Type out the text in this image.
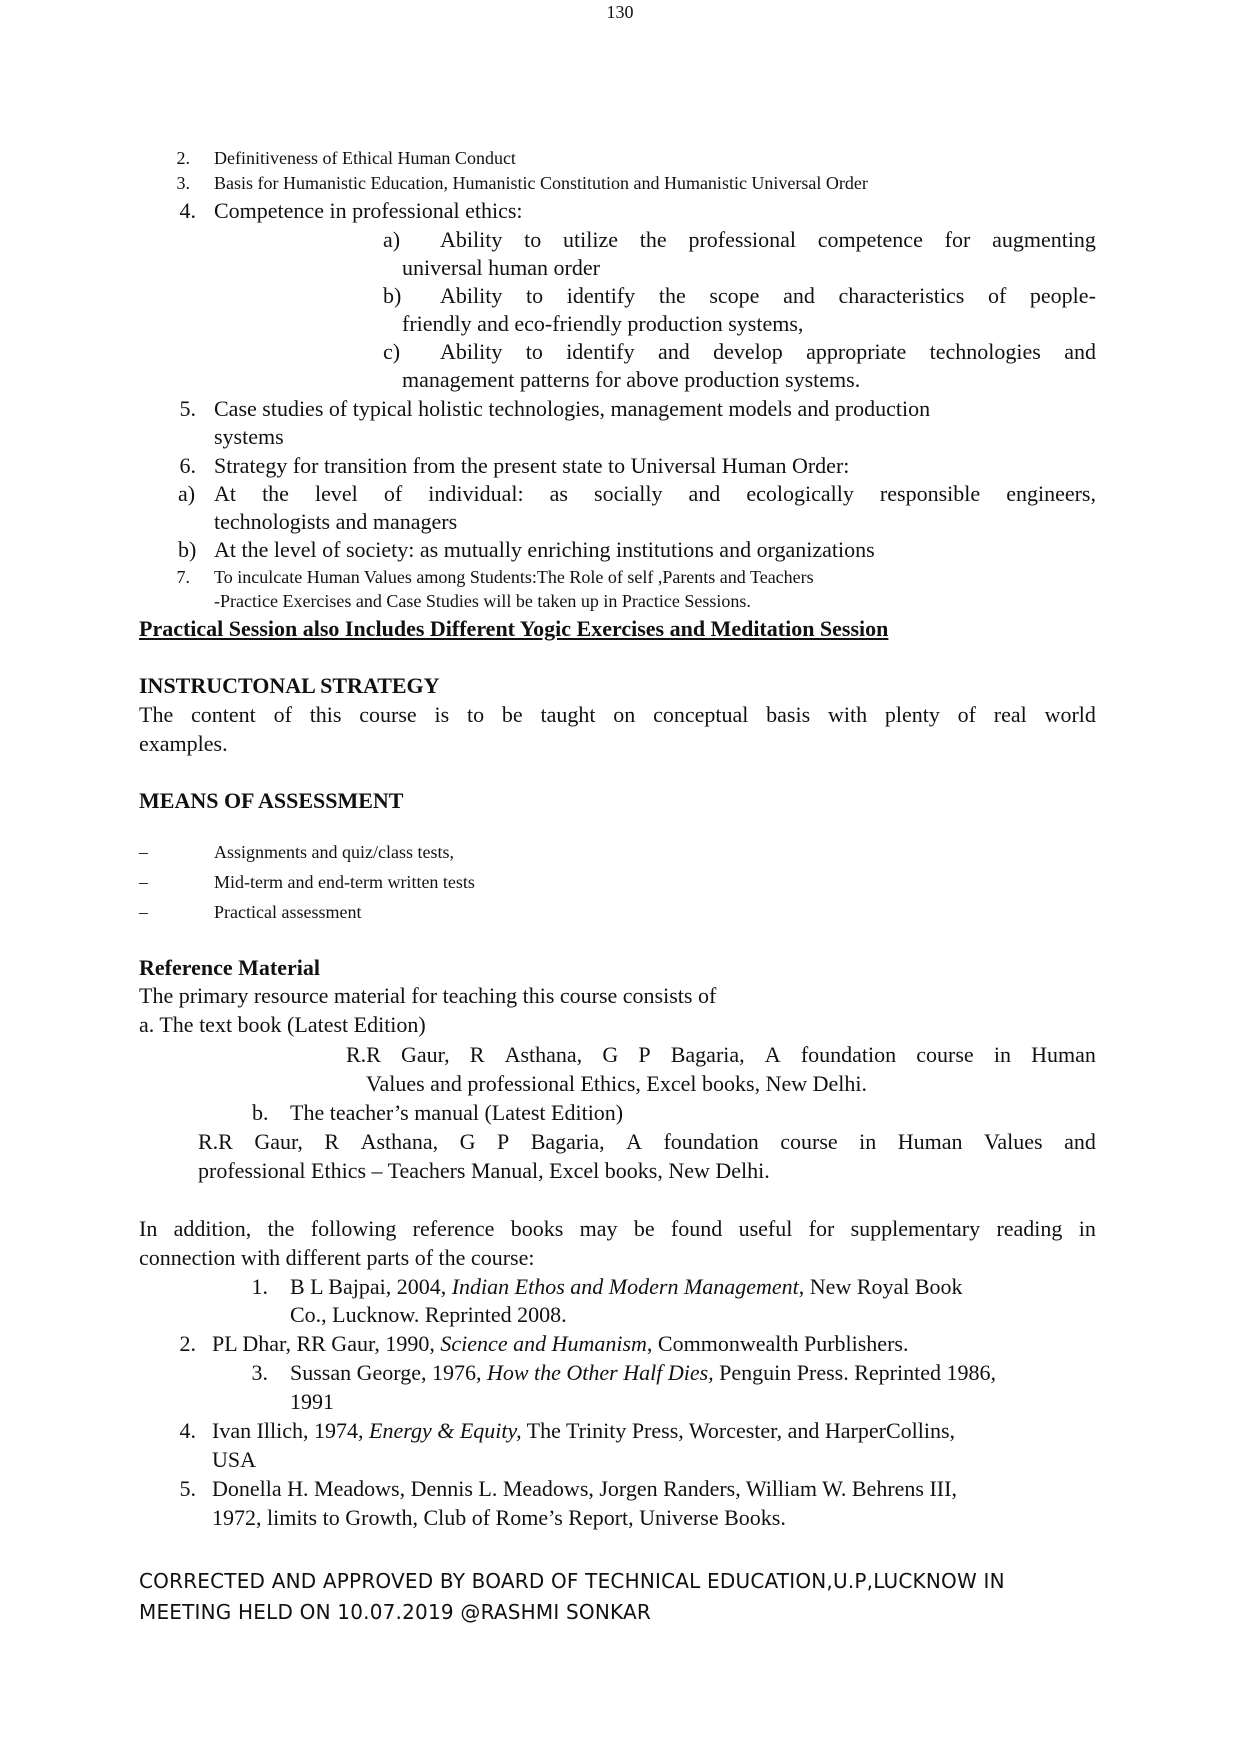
130
2. Definitiveness of Ethical Human Conduct
3. Basis for Humanistic Education, Humanistic Constitution and Humanistic Universal Order
4. Competence in professional ethics:
a) Ability to utilize the professional competence for augmenting
universal human order
b) Ability to identify the scope and characteristics of people-
friendly and eco-friendly production systems,
c) Ability to identify and develop appropriate technologies and
management patterns for above production systems.
5. Case studies of typical holistic technologies, management models and production
systems
6. Strategy for transition from the present state to Universal Human Order:
a) At the level of individual: as socially and ecologically responsible engineers,
technologists and managers
b) At the level of society: as mutually enriching institutions and organizations
7. To inculcate Human Values among Students:The Role of self ,Parents and Teachers
-Practice Exercises and Case Studies will be taken up in Practice Sessions.
Practical Session also Includes Different Yogic Exercises and Meditation Session
INSTRUCTONAL STRATEGY
The content of this course is to be taught on conceptual basis with plenty of real world
examples.
MEANS OF ASSESSMENT
–	Assignments and quiz/class tests,
–	Mid-term and end-term written tests
–	Practical assessment
Reference Material
The primary resource material for teaching this course consists of
a. The text book (Latest Edition)
R.R Gaur, R Asthana, G P Bagaria, A foundation course in Human
Values and professional Ethics, Excel books, New Delhi.
b. The teacher’s manual (Latest Edition)
R.R Gaur, R Asthana, G P Bagaria, A foundation course in Human Values and
professional Ethics – Teachers Manual, Excel books, New Delhi.
In addition, the following reference books may be found useful for supplementary reading in
connection with different parts of the course:
1. B L Bajpai, 2004, Indian Ethos and Modern Management, New Royal Book
Co., Lucknow. Reprinted 2008.
2. PL Dhar, RR Gaur, 1990, Science and Humanism, Commonwealth Purblishers.
3. Sussan George, 1976, How the Other Half Dies, Penguin Press. Reprinted 1986,
1991
4. Ivan Illich, 1974, Energy & Equity, The Trinity Press, Worcester, and HarperCollins,
USA
5. Donella H. Meadows, Dennis L. Meadows, Jorgen Randers, William W. Behrens III,
1972, limits to Growth, Club of Rome’s Report, Universe Books.
CORRECTED AND APPROVED BY BOARD OF TECHNICAL EDUCATION,U.P,LUCKNOW IN
MEETING HELD ON 10.07.2019 @RASHMI SONKAR
